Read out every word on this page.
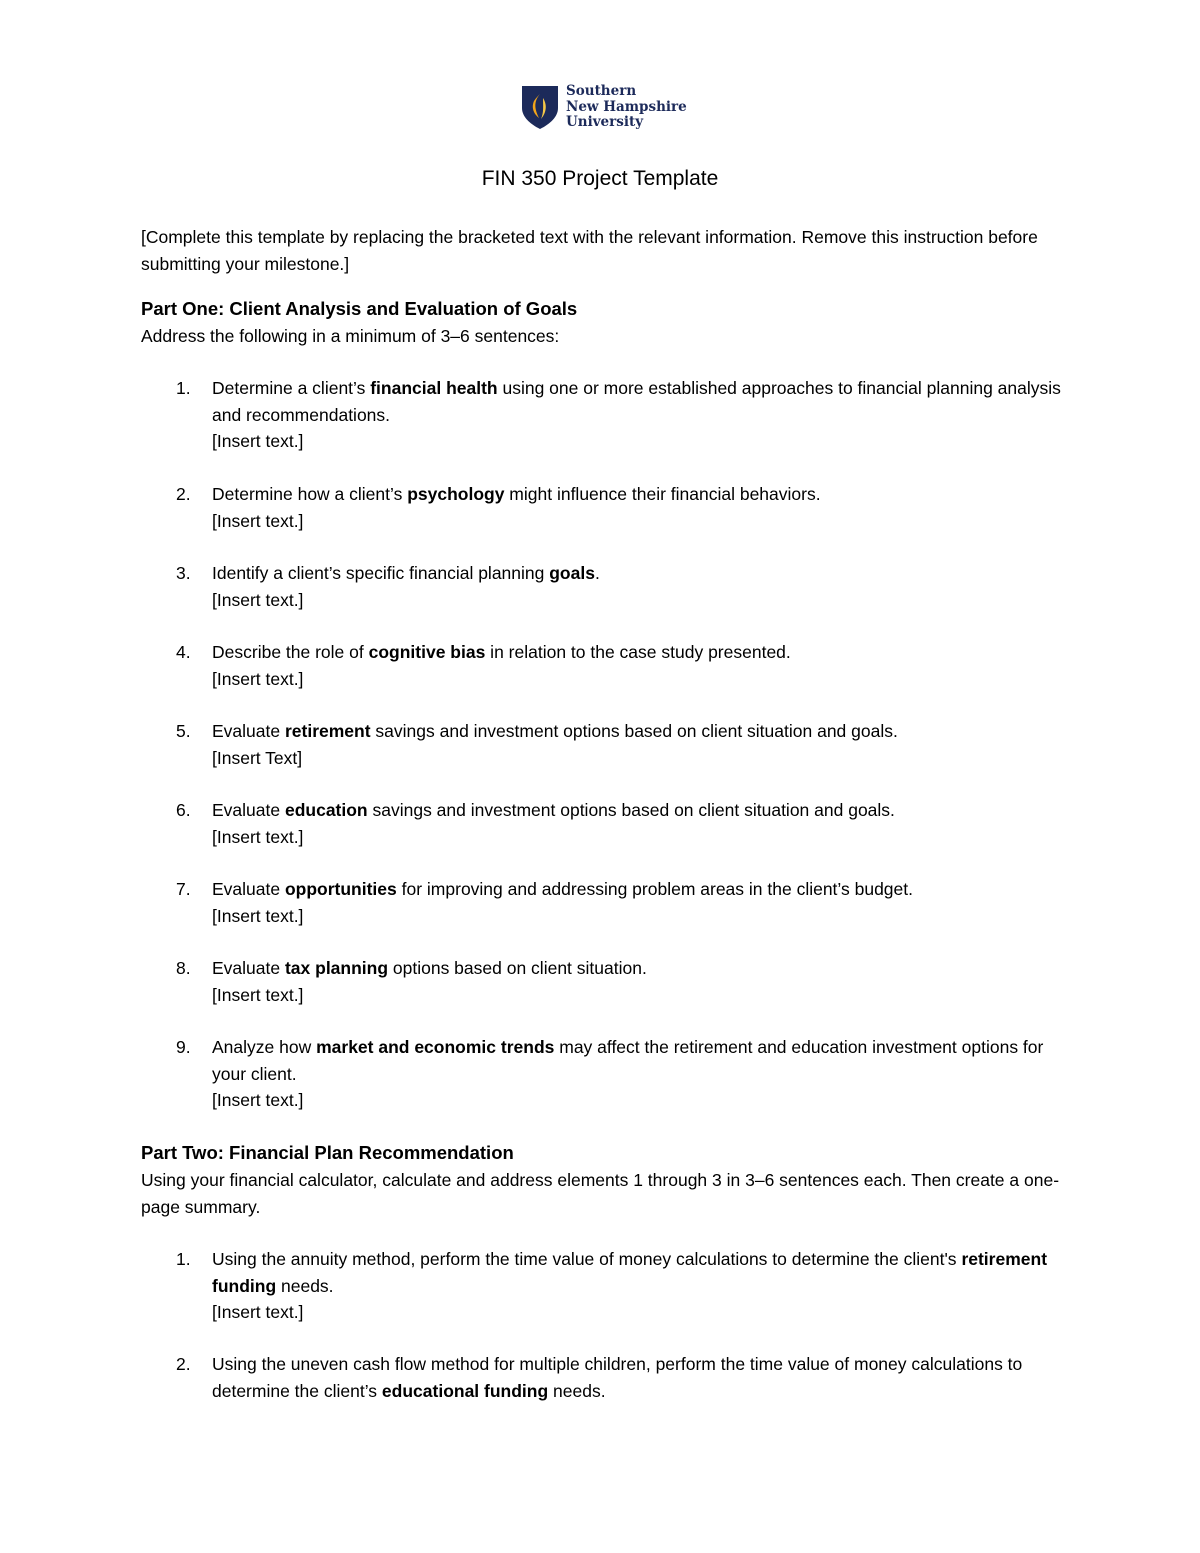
Southern
New Hampshire
University
FIN 350 Project Template
[Complete this template by replacing the bracketed text with the relevant information. Remove this instruction before submitting your milestone.]
Part One: Client Analysis and Evaluation of Goals
Address the following in a minimum of 3–6 sentences:
1.	Determine a client’s financial health using one or more established approaches to financial planning analysis and recommendations.
[Insert text.]
2.	Determine how a client’s psychology might influence their financial behaviors.
[Insert text.]
3.	Identify a client’s specific financial planning goals.
[Insert text.]
4.	Describe the role of cognitive bias in relation to the case study presented.
[Insert text.]
5.	Evaluate retirement savings and investment options based on client situation and goals.
[Insert Text]
6.	Evaluate education savings and investment options based on client situation and goals.
[Insert text.]
7.	Evaluate opportunities for improving and addressing problem areas in the client’s budget.
[Insert text.]
8.	Evaluate tax planning options based on client situation.
[Insert text.]
9.	Analyze how market and economic trends may affect the retirement and education investment options for your client.
[Insert text.]
Part Two: Financial Plan Recommendation
Using your financial calculator, calculate and address elements 1 through 3 in 3–6 sentences each. Then create a one-page summary.
1.	Using the annuity method, perform the time value of money calculations to determine the client's retirement funding needs.
[Insert text.]
2.	Using the uneven cash flow method for multiple children, perform the time value of money calculations to determine the client’s educational funding needs.
